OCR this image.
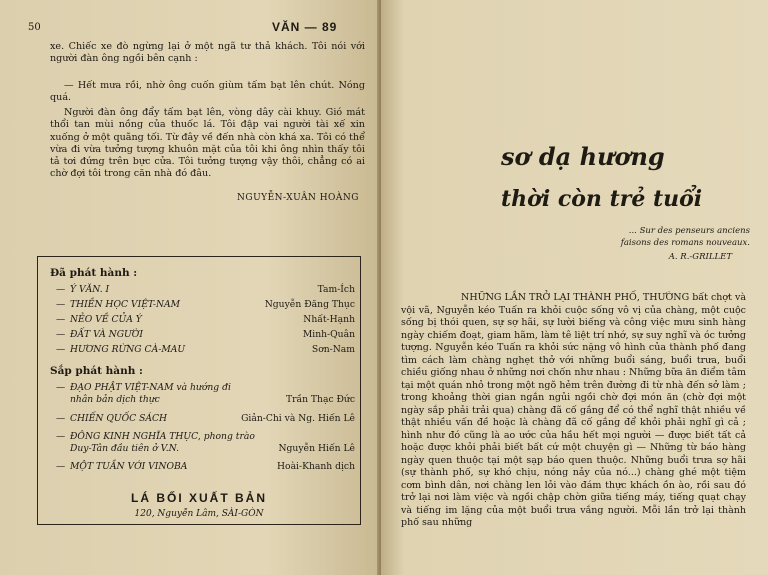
50	VĂN — 89
xe. Chiếc xe đò ngừng lại ở một ngã tư thả khách. Tôi nói với người đàn ông ngồi bên cạnh :
— Hết mưa rồi, nhờ ông cuốn giùm tấm bạt lên chút. Nóng quá.
Người đàn ông đẩy tấm bạt lên, vòng dây cài khuy. Gió mát thổi tan mùi nồng của thuốc lá. Tôi đập vai người tài xế xin xuống ở một quãng tối. Từ đây về đến nhà còn khá xa. Tôi có thể vừa đi vừa tưởng tượng khuôn mặt của tôi khi ông nhìn thấy tôi tả tơi đứng trên bực cửa. Tôi tưởng tượng vậy thôi, chẳng có ai chờ đợi tôi trong căn nhà đó đâu.
NGUYỄN-XUÂN HOÀNG
Đã phát hành :
— Ý VĂN. I	Tam-Ích
— THIỀN HỌC VIỆT-NAM	Nguyễn Đăng Thục
— NẺO VỀ CỦA Ý	Nhất-Hạnh
— ĐẤT VÀ NGƯỜI	Minh-Quân
— HƯƠNG RỪNG CÀ-MAU	Sơn-Nam
Sắp phát hành :
— ĐẠO PHẬT VIỆT-NAM và hướng đi
nhân bản dịch thực	Trần Thạc Đức
— CHIẾN QUỐC SÁCH	Giản-Chi và Ng. Hiến Lê
— ĐÔNG KINH NGHĨA THỤC, phong trào
Duy-Tân đầu tiên ở V.N.	Nguyễn Hiến Lê
— MỘT TUẦN VỚI VINOBA	Hoài-Khanh dịch
LÁ BỐI XUẤT BẢN
120, Nguyễn Lâm, SÀI-GÒN
sơ dạ hương
thời còn trẻ tuổi
... Sur des penseurs anciens
faisons des romans nouveaux.
A. R.-GRILLET
NHỮNG LẦN TRỞ LẠI THÀNH PHỐ, THƯỜNG bất chợt và vội vã, Nguyễn kéo Tuấn ra khỏi cuộc sống vô vị của chàng, một cuộc sống bị thói quen, sự sợ hãi, sự lười biếng và công việc mưu sinh hàng ngày chiếm đoạt, giam hãm, làm tê liệt trí nhớ, sự suy nghĩ và óc tưởng tượng. Nguyễn kéo Tuấn ra khỏi sức nặng vô hình của thành phố đang tìm cách làm chàng nghẹt thở với những buổi sáng, buổi trưa, buổi chiều giống nhau ở những nơi chốn như nhau : Những bữa ăn điểm tâm tại một quán nhỏ trong một ngõ hẻm trên đường đi từ nhà đến sở làm ; trong khoảng thời gian ngắn ngủi ngồi chờ đợi món ăn (chờ đợi một ngày sắp phải trải qua) chàng đã cố gắng để có thể nghĩ thật nhiều về thật nhiều vấn đề hoặc là chàng đã cố gắng để khỏi phải nghĩ gì cả ; hình như đó cũng là ao ước của hầu hết mọi người — được biết tất cả hoặc được khỏi phải biết bất cứ một chuyện gì — Những từ báo hàng ngày quen thuộc tại một sạp báo quen thuộc. Những buổi trưa sợ hãi (sự thành phố, sự khó chịu, nóng nảy của nó...) chàng ghé một tiệm cơm bình dân, nơi chàng len lỏi vào đám thực khách ồn ào, rồi sau đó trở lại nơi làm việc và ngồi chập chờn giữa tiếng máy, tiếng quạt chạy và tiếng im lặng của một buổi trưa vắng người. Mỗi lần trở lại thành phố sau những
